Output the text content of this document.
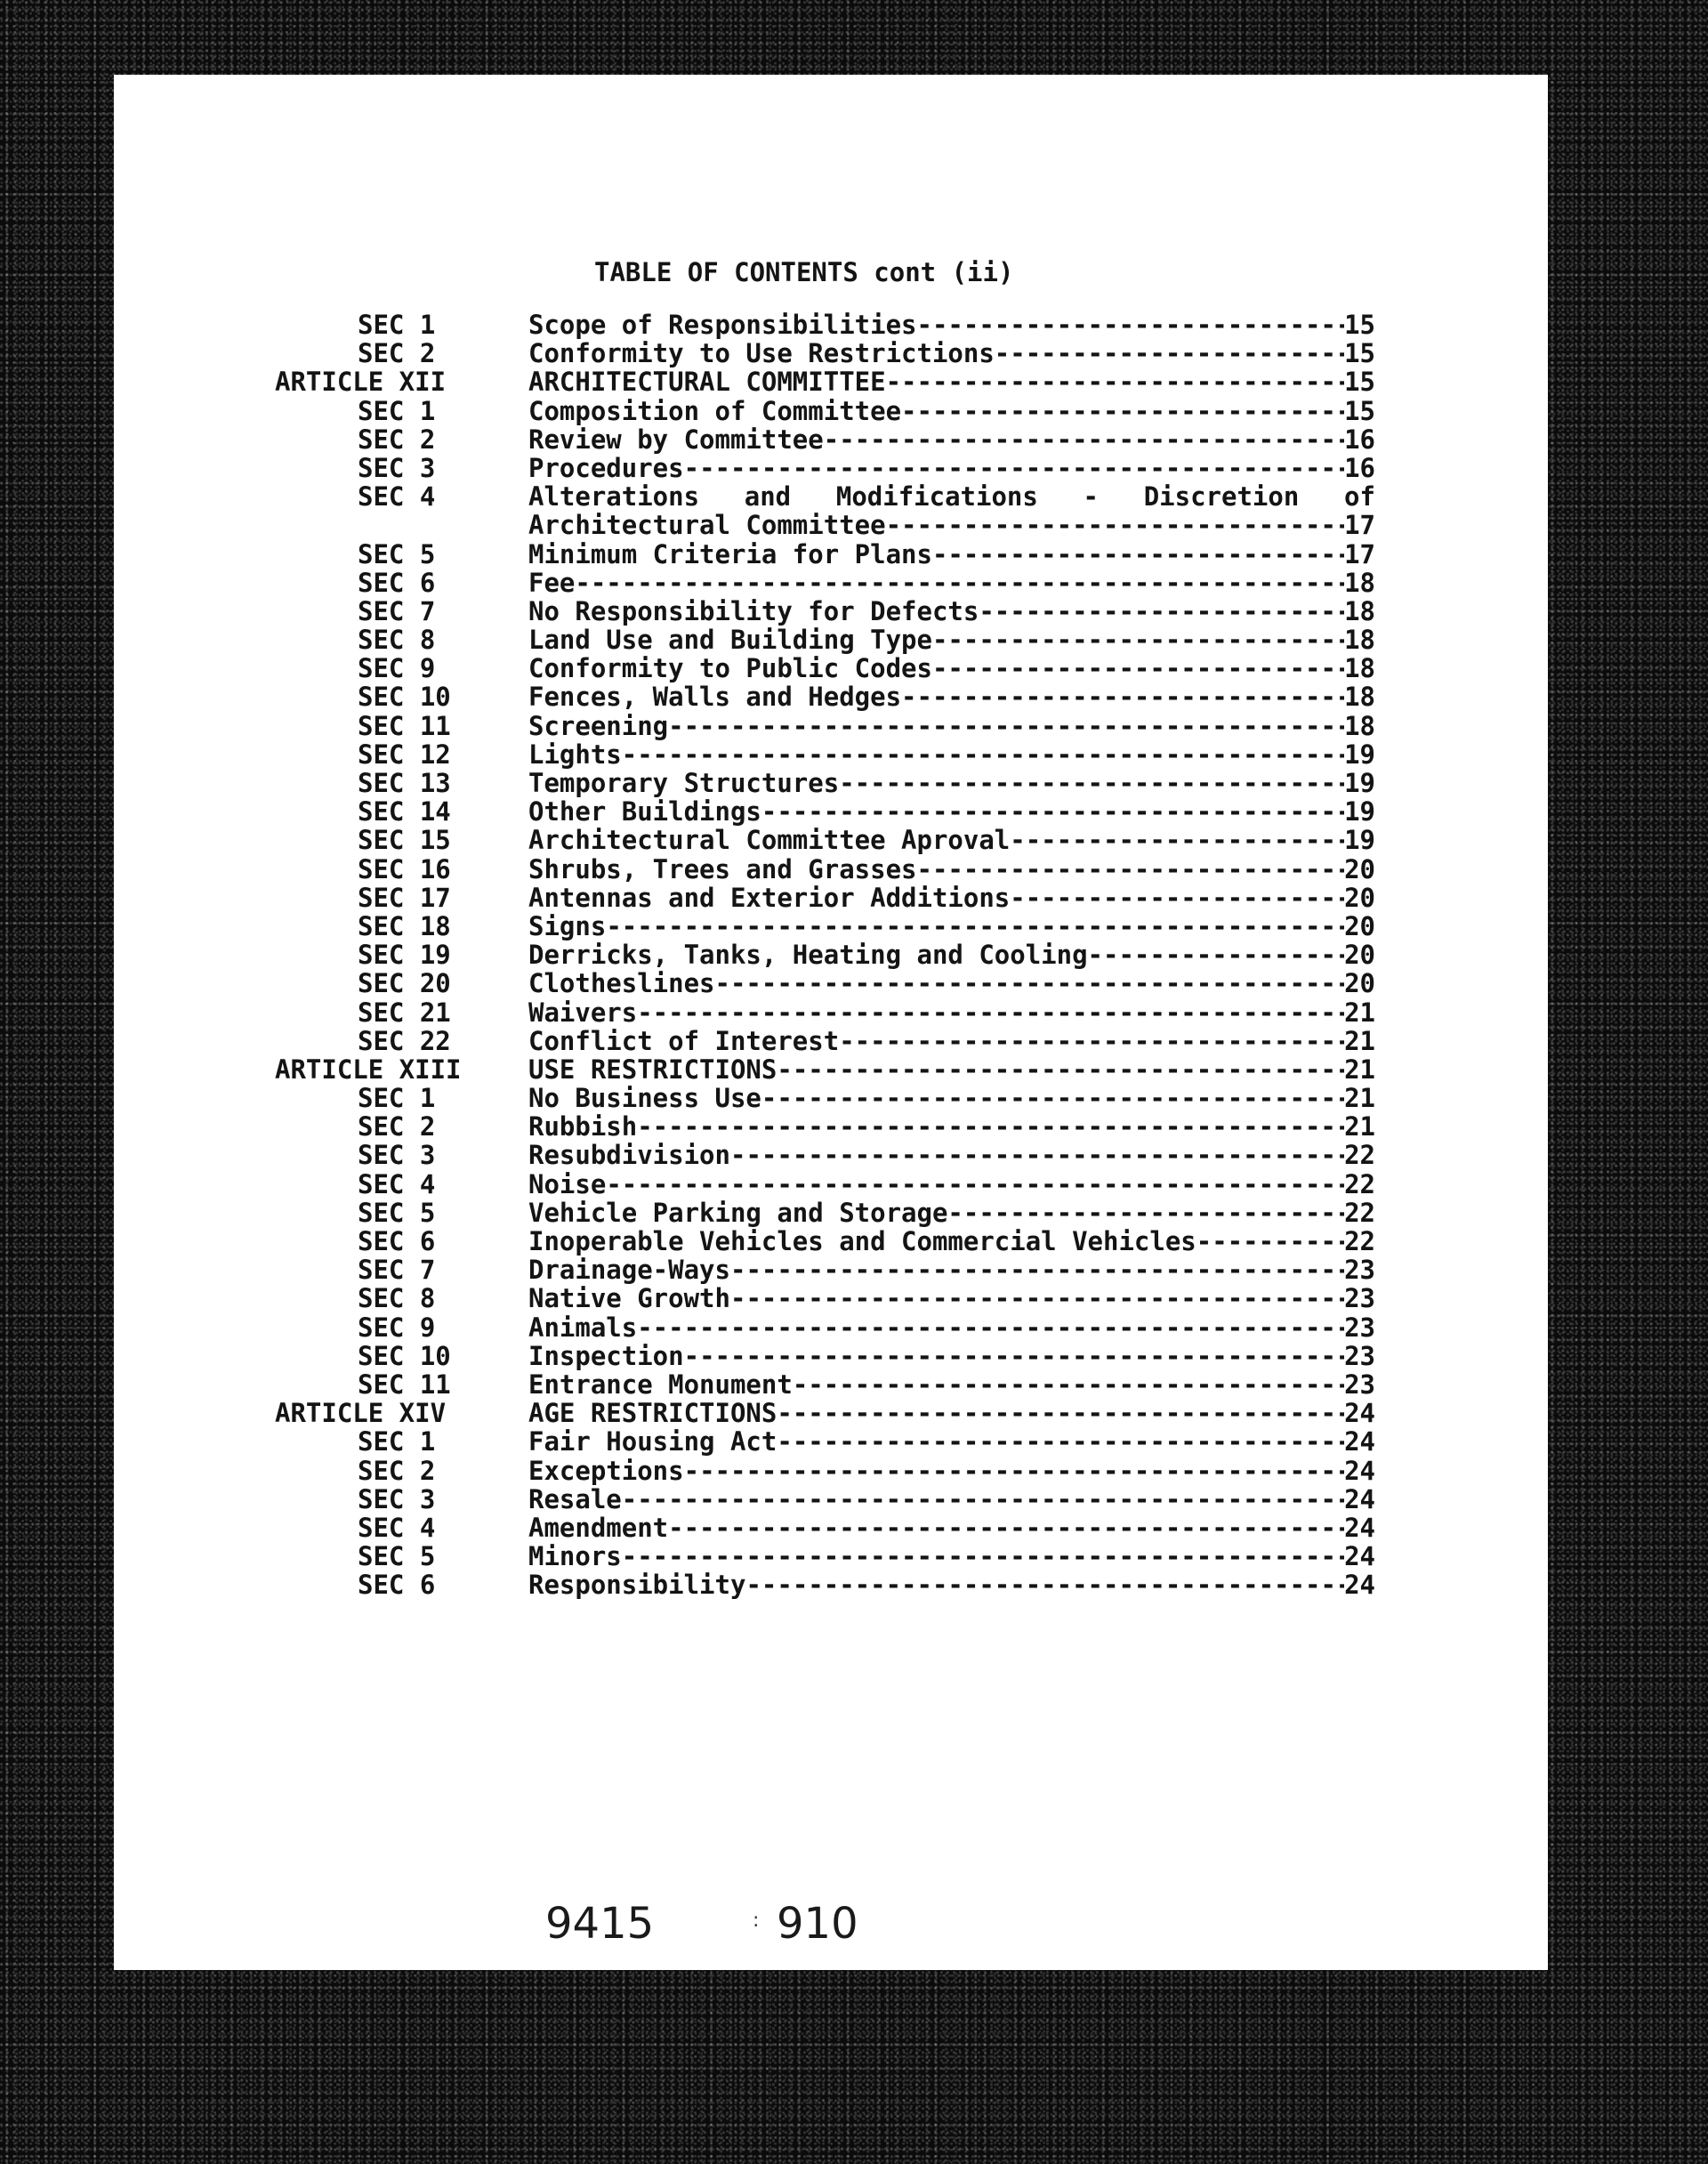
TABLE OF CONTENTS cont (ii)
SEC 1	Scope of Responsibilities -----	15
SEC 2	Conformity to Use Restrictions -----	15
ARTICLE XII	ARCHITECTURAL COMMITTEE -----	15
SEC 1	Composition of Committee -----	15
SEC 2	Review by Committee -----	16
SEC 3	Procedures -----	16
SEC 4	Alterations and Modifications - Discretion of
Architectural Committee -----	17
SEC 5	Minimum Criteria for Plans -----	17
SEC 6	Fee -----	18
SEC 7	No Responsibility for Defects -----	18
SEC 8	Land Use and Building Type -----	18
SEC 9	Conformity to Public Codes -----	18
SEC 10	Fences, Walls and Hedges -----	18
SEC 11	Screening -----	18
SEC 12	Lights -----	19
SEC 13	Temporary Structures -----	19
SEC 14	Other Buildings -----	19
SEC 15	Architectural Committee Aproval -----	19
SEC 16	Shrubs, Trees and Grasses -----	20
SEC 17	Antennas and Exterior Additions -----	20
SEC 18	Signs -----	20
SEC 19	Derricks, Tanks, Heating and Cooling -----	20
SEC 20	Clotheslines -----	20
SEC 21	Waivers -----	21
SEC 22	Conflict of Interest -----	21
ARTICLE XIII	USE RESTRICTIONS -----	21
SEC 1	No Business Use -----	21
SEC 2	Rubbish -----	21
SEC 3	Resubdivision -----	22
SEC 4	Noise -----	22
SEC 5	Vehicle Parking and Storage -----	22
SEC 6	Inoperable Vehicles and Commercial Vehicles -----	22
SEC 7	Drainage-Ways -----	23
SEC 8	Native Growth -----	23
SEC 9	Animals -----	23
SEC 10	Inspection -----	23
SEC 11	Entrance Monument -----	23
ARTICLE XIV	AGE RESTRICTIONS -----	24
SEC 1	Fair Housing Act -----	24
SEC 2	Exceptions -----	24
SEC 3	Resale -----	24
SEC 4	Amendment -----	24
SEC 5	Minors -----	24
SEC 6	Responsibility -----	24
9415	: 910
